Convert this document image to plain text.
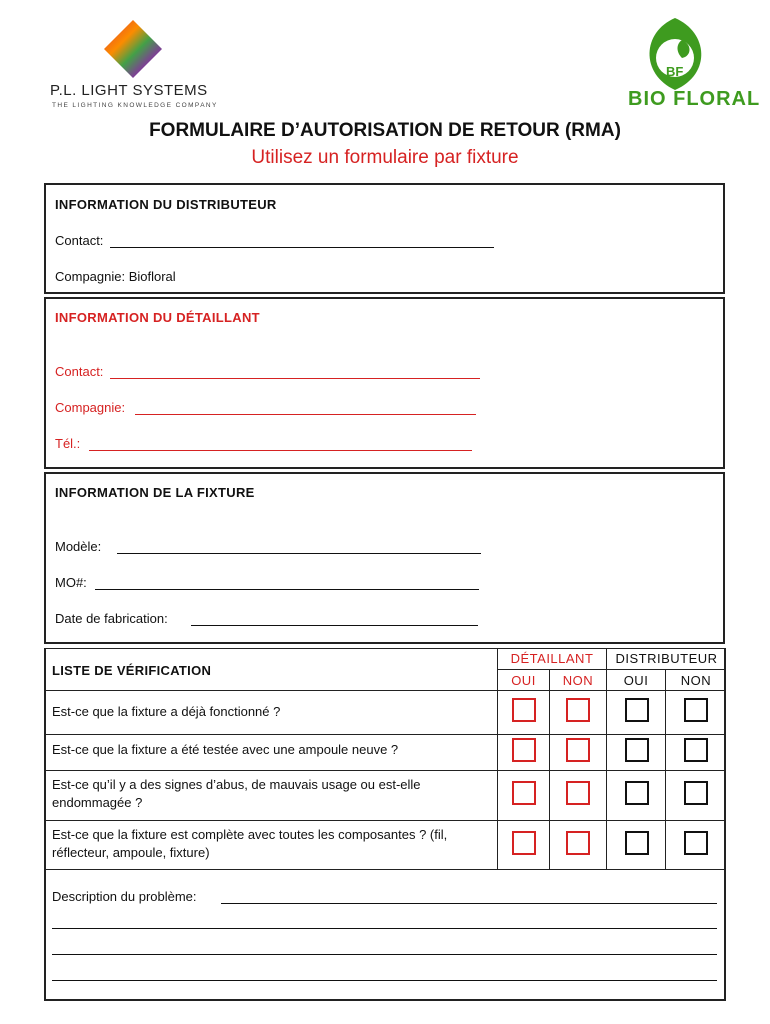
P.L. LIGHT SYSTEMS
THE LIGHTING KNOWLEDGE COMPANY
BF
BIO FLORAL
FORMULAIRE D’AUTORISATION DE RETOUR (RMA)
Utilisez un formulaire par fixture
INFORMATION DU DISTRIBUTEUR
Contact:
Compagnie: Biofloral
INFORMATION DU DÉTAILLANT
Contact:
Compagnie:
Tél.:
INFORMATION DE LA FIXTURE
Modèle:
MO#:
Date de fabrication:
LISTE DE VÉRIFICATION
DÉTAILLANT	DISTRIBUTEUR
OUI	NON	OUI	NON
Est-ce que la fixture a déjà fonctionné ?
Est-ce que la fixture a été testée avec une ampoule neuve ?
Est-ce qu’il y a des signes d’abus, de mauvais usage ou est-elle endommagée ?
Est-ce que la fixture est complète avec toutes les composantes ? (fil, réflecteur, ampoule, fixture)
Description du problème:
